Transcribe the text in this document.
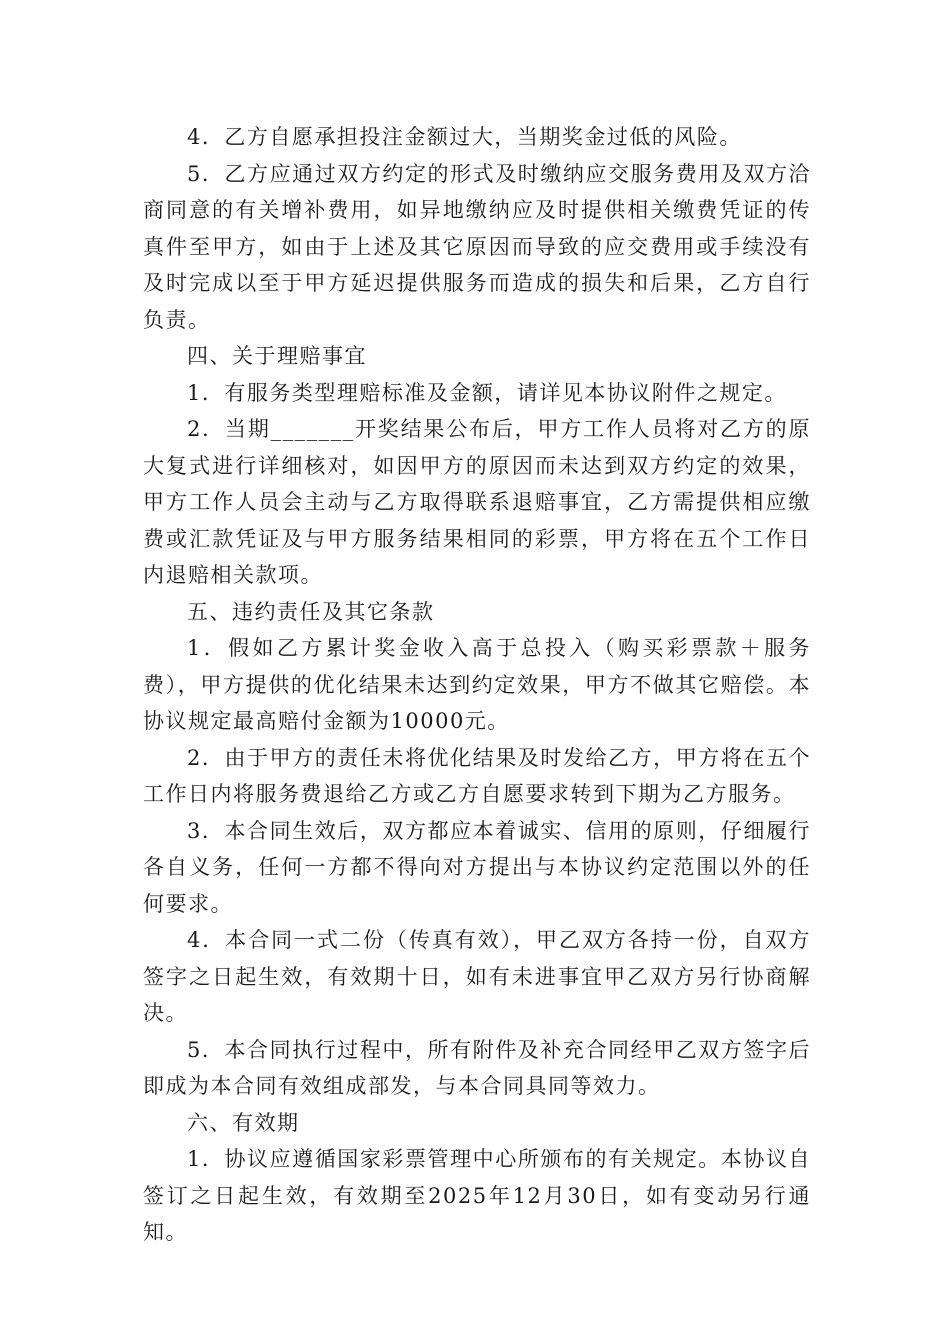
4．乙方自愿承担投注金额过大，当期奖金过低的风险。

5．乙方应通过双方约定的形式及时缴纳应交服务费用及双方洽商同意的有关增补费用，如异地缴纳应及时提供相关缴费凭证的传真件至甲方，如由于上述及其它原因而导致的应交费用或手续没有及时完成以至于甲方延迟提供服务而造成的损失和后果，乙方自行负责。

四、关于理赔事宜

1．有服务类型理赔标准及金额，请详见本协议附件之规定。

2．当期_______开奖结果公布后，甲方工作人员将对乙方的原大复式进行详细核对，如因甲方的原因而未达到双方约定的效果，甲方工作人员会主动与乙方取得联系退赔事宜，乙方需提供相应缴费或汇款凭证及与甲方服务结果相同的彩票，甲方将在五个工作日内退赔相关款项。

五、违约责任及其它条款

1．假如乙方累计奖金收入高于总投入（购买彩票款＋服务费），甲方提供的优化结果未达到约定效果，甲方不做其它赔偿。本协议规定最高赔付金额为10000元。

2．由于甲方的责任未将优化结果及时发给乙方，甲方将在五个工作日内将服务费退给乙方或乙方自愿要求转到下期为乙方服务。

3．本合同生效后，双方都应本着诚实、信用的原则，仔细履行各自义务，任何一方都不得向对方提出与本协议约定范围以外的任何要求。

4．本合同一式二份（传真有效），甲乙双方各持一份，自双方签字之日起生效，有效期十日，如有未进事宜甲乙双方另行协商解决。

5．本合同执行过程中，所有附件及补充合同经甲乙双方签字后即成为本合同有效组成部发，与本合同具同等效力。

六、有效期

1．协议应遵循国家彩票管理中心所颁布的有关规定。本协议自签订之日起生效，有效期至2025年12月30日，如有变动另行通知。
